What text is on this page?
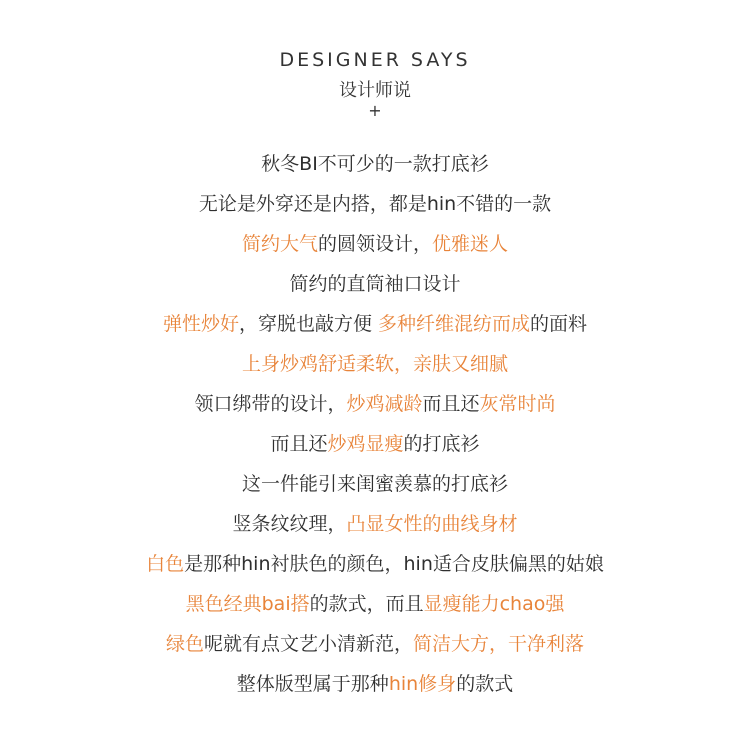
DESIGNER SAYS
设计师说
+
秋冬BI不可少的一款打底衫
无论是外穿还是内搭，都是hin不错的一款
简约大气的圆领设计，优雅迷人
简约的直筒袖口设计
弹性炒好，穿脱也敲方便 多种纤维混纺而成的面料
上身炒鸡舒适柔软，亲肤又细腻
领口绑带的设计，炒鸡减龄而且还灰常时尚
而且还炒鸡显瘦的打底衫
这一件能引来闺蜜羡慕的打底衫
竖条纹纹理，凸显女性的曲线身材
白色是那种hin衬肤色的颜色，hin适合皮肤偏黑的姑娘
黑色经典bai搭的款式，而且显瘦能力chao强
绿色呢就有点文艺小清新范，简洁大方，干净利落
整体版型属于那种hin修身的款式
